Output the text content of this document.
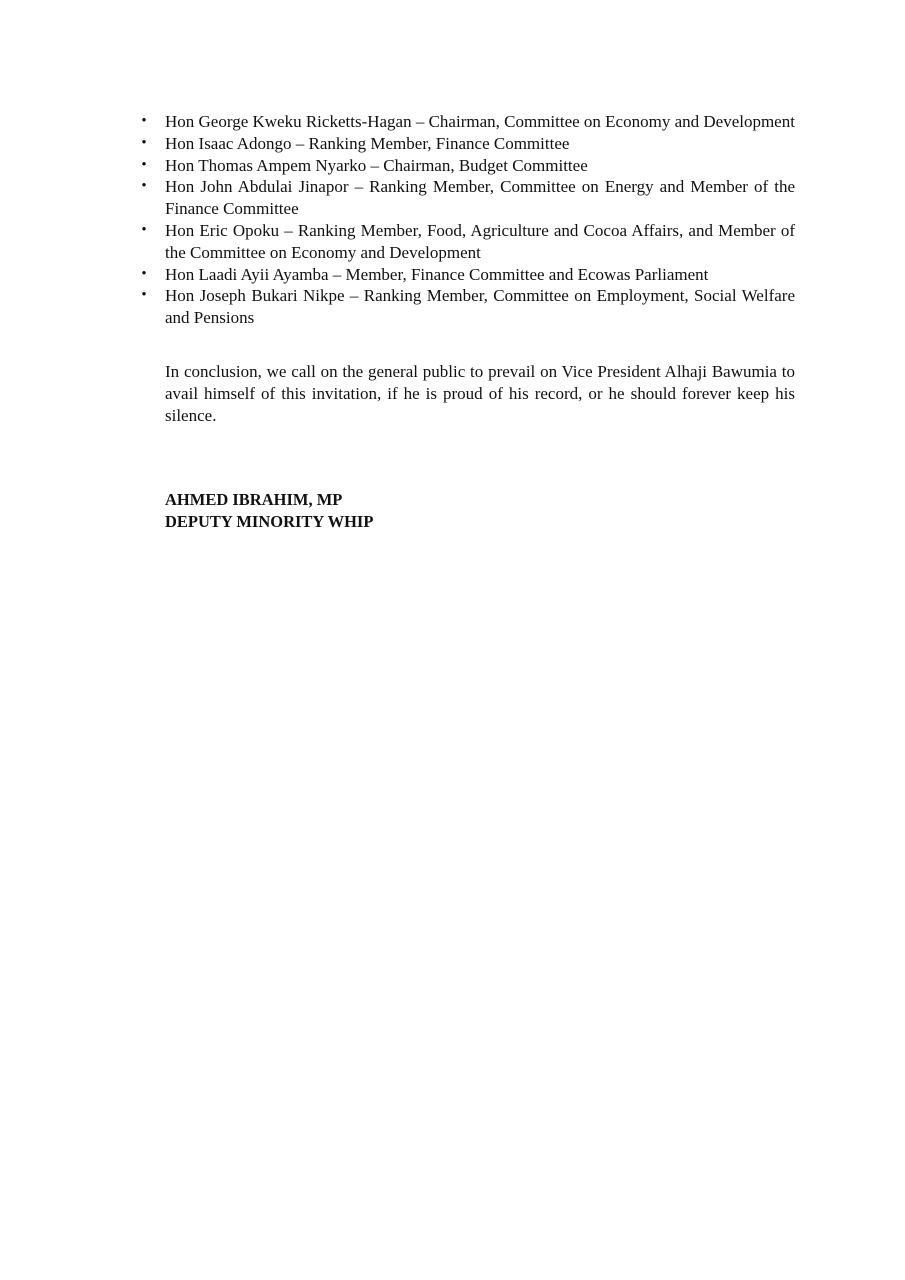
• Hon George Kweku Ricketts-Hagan – Chairman, Committee on Economy and Development
• Hon Isaac Adongo – Ranking Member, Finance Committee
• Hon Thomas Ampem Nyarko – Chairman, Budget Committee
• Hon John Abdulai Jinapor – Ranking Member, Committee on Energy and Member of the Finance Committee
• Hon Eric Opoku – Ranking Member, Food, Agriculture and Cocoa Affairs, and Member of the Committee on Economy and Development
• Hon Laadi Ayii Ayamba – Member, Finance Committee and Ecowas Parliament
• Hon Joseph Bukari Nikpe – Ranking Member, Committee on Employment, Social Welfare and Pensions

In conclusion, we call on the general public to prevail on Vice President Alhaji Bawumia to avail himself of this invitation, if he is proud of his record, or he should forever keep his silence.

AHMED IBRAHIM, MP
DEPUTY MINORITY WHIP
